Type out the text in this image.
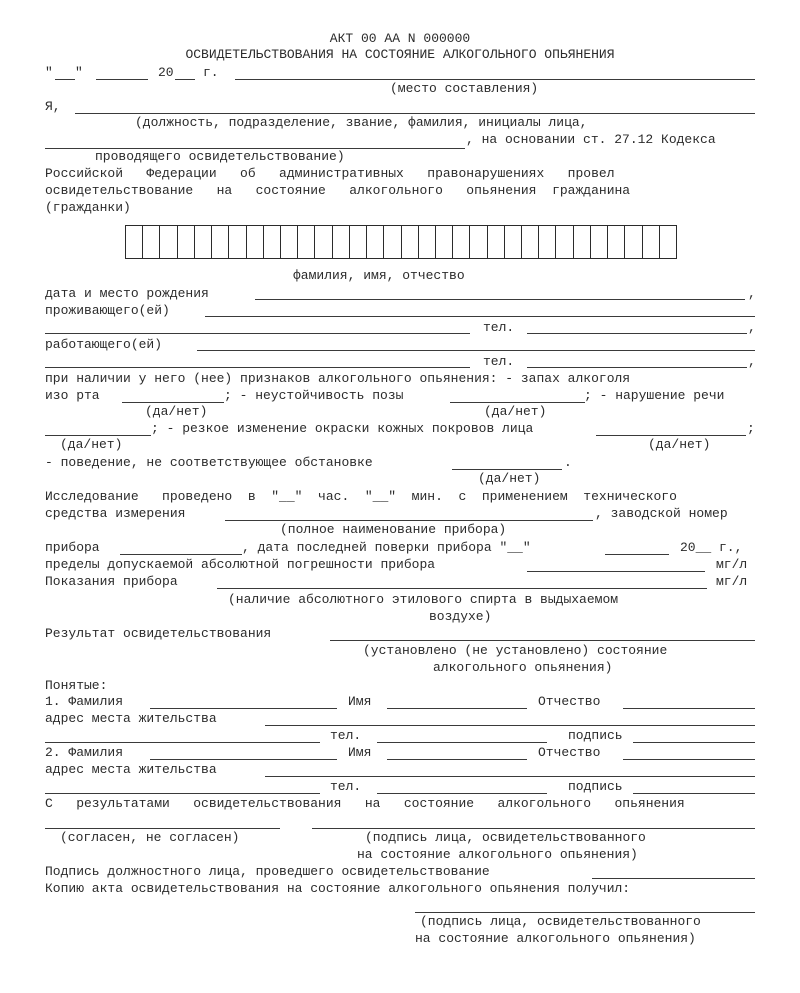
АКТ 00 АА N 000000
ОСВИДЕТЕЛЬСТВОВАНИЯ НА СОСТОЯНИЕ АЛКОГОЛЬНОГО ОПЬЯНЕНИЯ
" "	20 г.
(место составления)
Я,
(должность, подразделение, звание, фамилия, инициалы лица,
, на основании ст. 27.12 Кодекса
проводящего освидетельствование)
Российской   Федерации   об   административных   правонарушениях   провел
освидетельствование   на   состояние   алкогольного   опьянения  гражданина
(гражданки)
фамилия, имя, отчество
дата и место рождения	,
проживающего(ей)
тел.	,
работающего(ей)
тел.	,
при наличии у него (нее) признаков алкогольного опьянения: - запах алкоголя
изо рта	; - неустойчивость позы	; - нарушение речи
(да/нет)	(да/нет)
; - резкое изменение окраски кожных покровов лица	;
(да/нет)	(да/нет)
- поведение, не соответствующее обстановке	.
(да/нет)
Исследование   проведено  в  "__"  час.  "__"  мин.  с  применением  технического
средства измерения	, заводской номер
(полное наименование прибора)
прибора	, дата последней поверки прибора "__"	20__ г.,
пределы допускаемой абсолютной погрешности прибора	мг/л
Показания прибора	мг/л
(наличие абсолютного этилового спирта в выдыхаемом
воздухе)
Результат освидетельствования
(установлено (не установлено) состояние
алкогольного опьянения)
Понятые:
1. Фамилия	Имя	Отчество
адрес места жительства
тел.	подпись
2. Фамилия	Имя	Отчество
адрес места жительства
тел.	подпись
С   результатами   освидетельствования   на   состояние   алкогольного   опьянения
(согласен, не согласен)	(подпись лица, освидетельствованного
на состояние алкогольного опьянения)
Подпись должностного лица, проведшего освидетельствование
Копию акта освидетельствования на состояние алкогольного опьянения получил:
(подпись лица, освидетельствованного
на состояние алкогольного опьянения)
